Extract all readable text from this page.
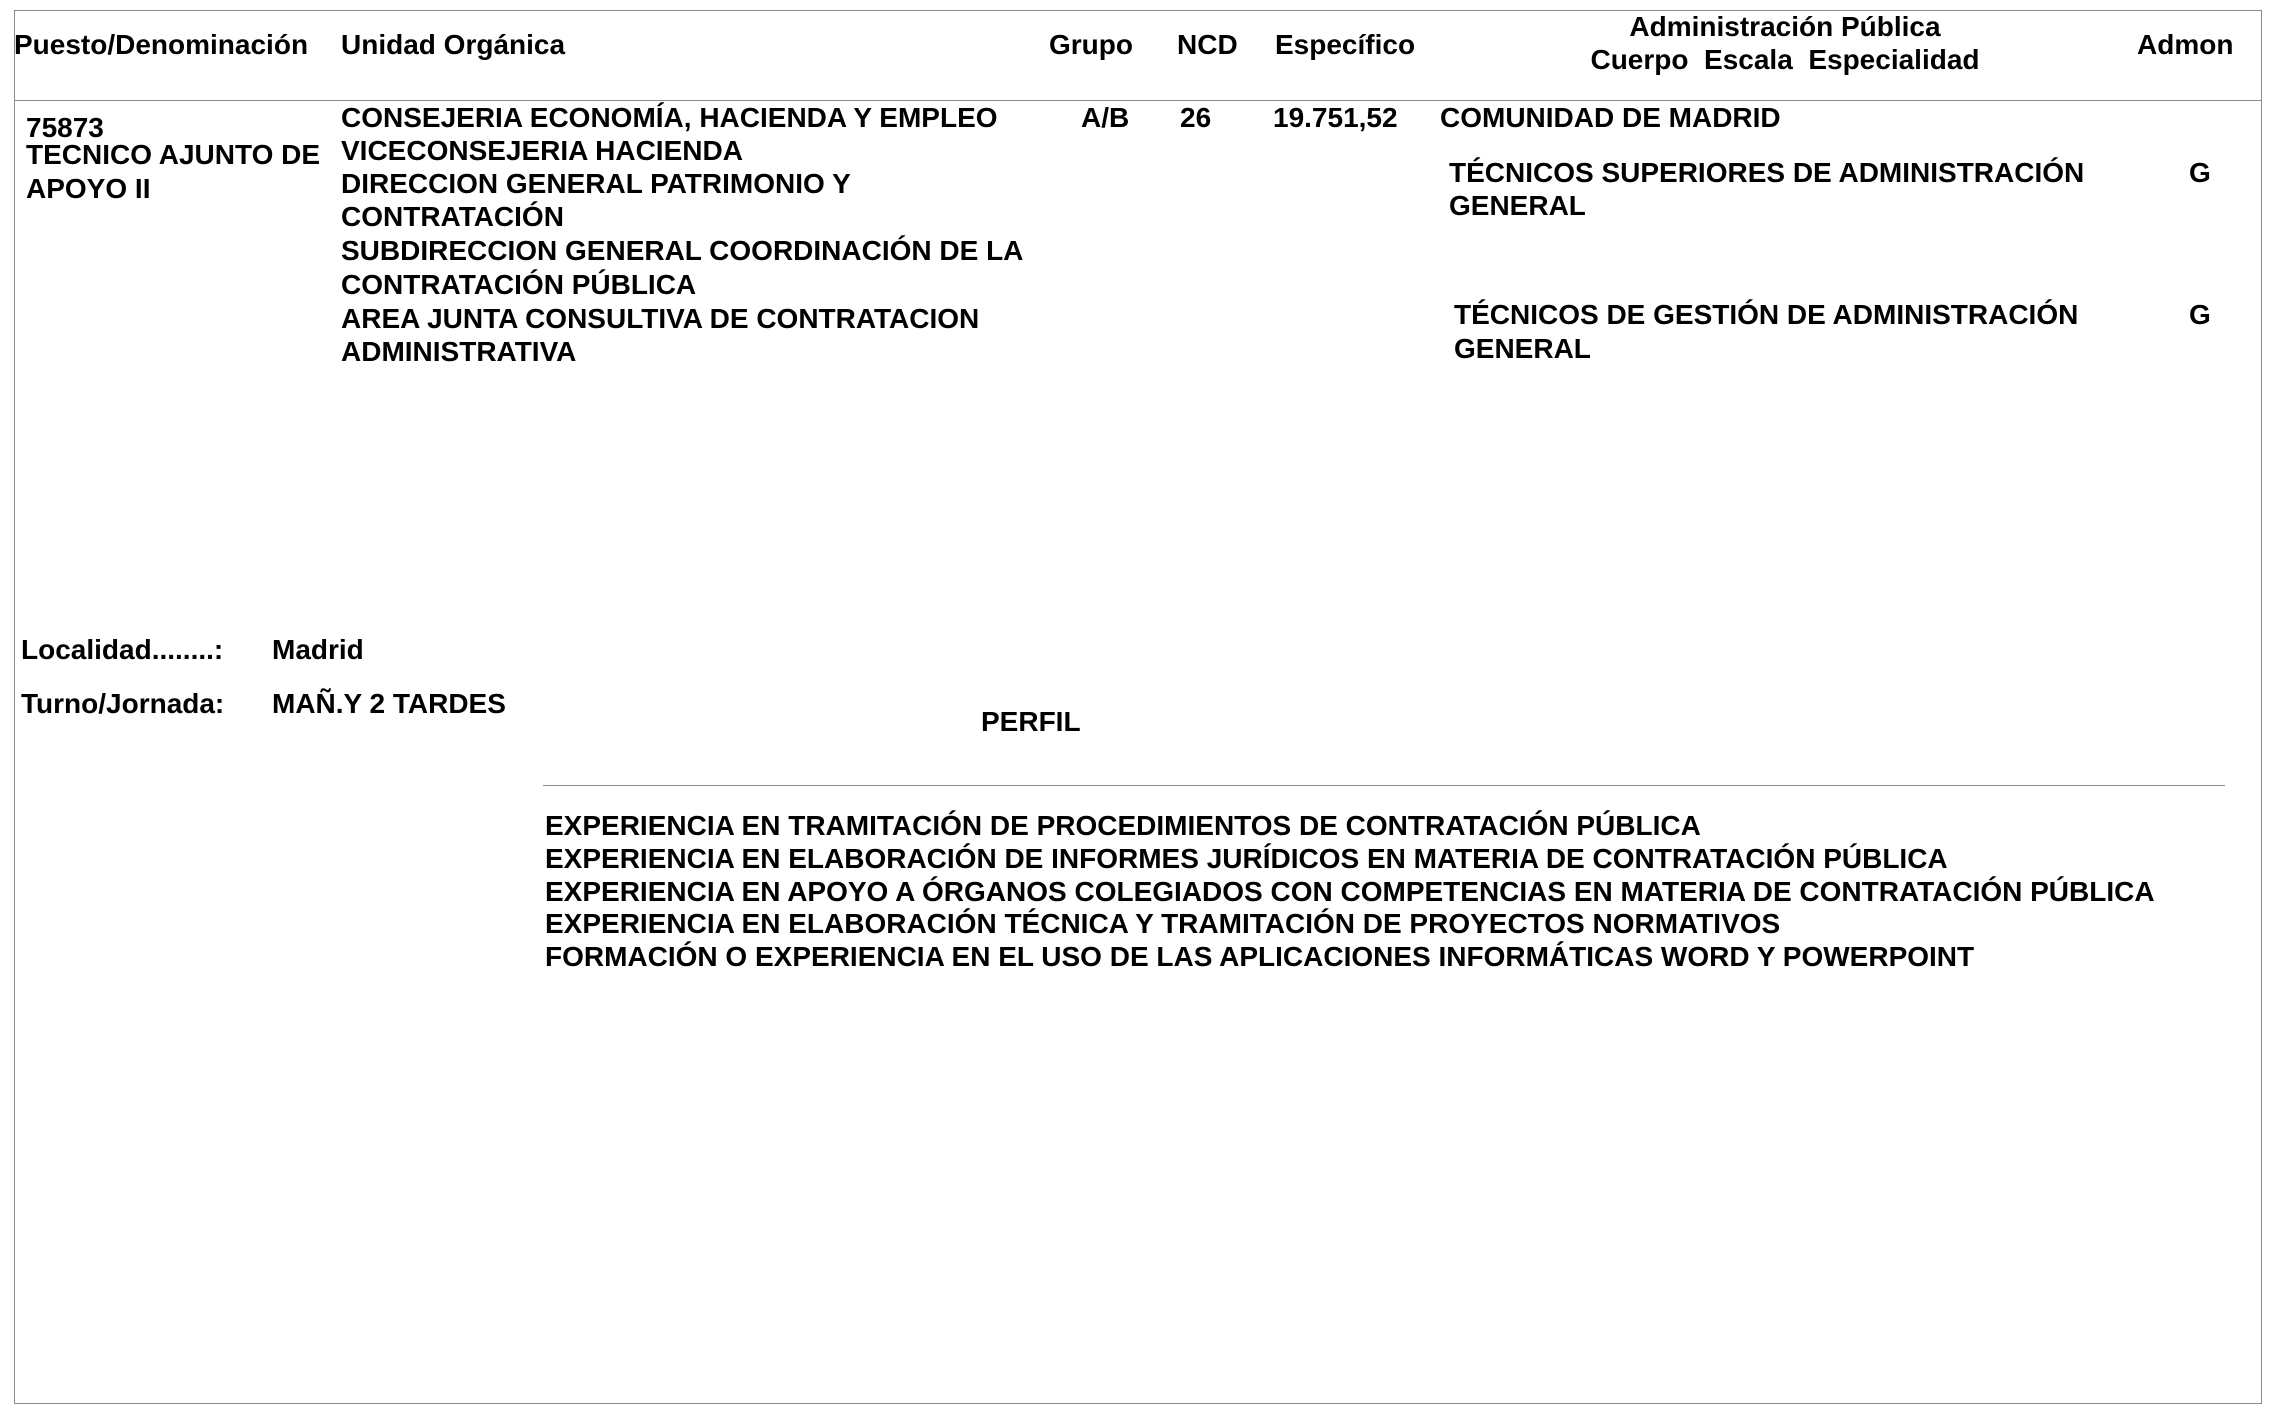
Puesto/Denominación Unidad Orgánica	Grupo NCD Específico
Administración Pública
Cuerpo  Escala  Especialidad	Admon
75873
TECNICO AJUNTO DE
APOYO II
CONSEJERIA ECONOMÍA, HACIENDA Y EMPLEO
VICECONSEJERIA HACIENDA
DIRECCION GENERAL PATRIMONIO Y
CONTRATACIÓN
SUBDIRECCION GENERAL COORDINACIÓN DE LA
CONTRATACIÓN PÚBLICA
AREA JUNTA CONSULTIVA DE CONTRATACION
ADMINISTRATIVA
A/B 26 19.751,52 COMUNIDAD DE MADRID
TÉCNICOS SUPERIORES DE ADMINISTRACIÓN
GENERAL
G
TÉCNICOS DE GESTIÓN DE ADMINISTRACIÓN
GENERAL
G
Localidad........: Madrid
Turno/Jornada: MAÑ.Y 2 TARDES
PERFIL
EXPERIENCIA EN TRAMITACIÓN DE PROCEDIMIENTOS DE CONTRATACIÓN PÚBLICA
EXPERIENCIA EN ELABORACIÓN DE INFORMES JURÍDICOS EN MATERIA DE CONTRATACIÓN PÚBLICA
EXPERIENCIA EN APOYO A ÓRGANOS COLEGIADOS CON COMPETENCIAS EN MATERIA DE CONTRATACIÓN PÚBLICA
EXPERIENCIA EN ELABORACIÓN TÉCNICA Y TRAMITACIÓN DE PROYECTOS NORMATIVOS
FORMACIÓN O EXPERIENCIA EN EL USO DE LAS APLICACIONES INFORMÁTICAS WORD Y POWERPOINT
